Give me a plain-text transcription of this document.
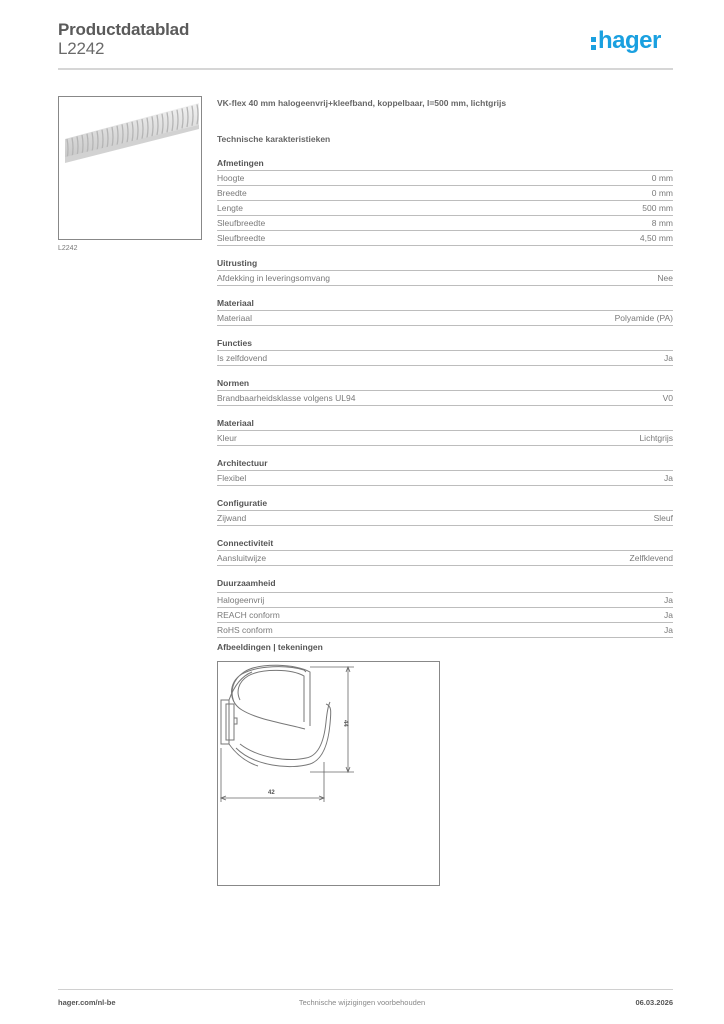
Productdatablad
L2242	hager
L2242
VK-flex 40 mm halogeenvrij+kleefband, koppelbaar, l=500 mm, lichtgrijs
Technische karakteristieken
Afmetingen
Hoogte	0 mm
Breedte	0 mm
Lengte	500 mm
Sleufbreedte	8 mm
Sleufbreedte	4,50 mm
Uitrusting
Afdekking in leveringsomvang	Nee
Materiaal
Materiaal	Polyamide (PA)
Functies
Is zelfdovend	Ja
Normen
Brandbaarheidsklasse volgens UL94	V0
Materiaal
Kleur	Lichtgrijs
Architectuur
Flexibel	Ja
Configuratie
Zijwand	Sleuf
Connectiviteit
Aansluitwijze	Zelfklevend
Duurzaamheid
Halogeenvrij	Ja
REACH conform	Ja
RoHS conform	Ja
Afbeeldingen | tekeningen
44
42
hager.com/nl-be	Technische wijzigingen voorbehouden	06.03.2026
